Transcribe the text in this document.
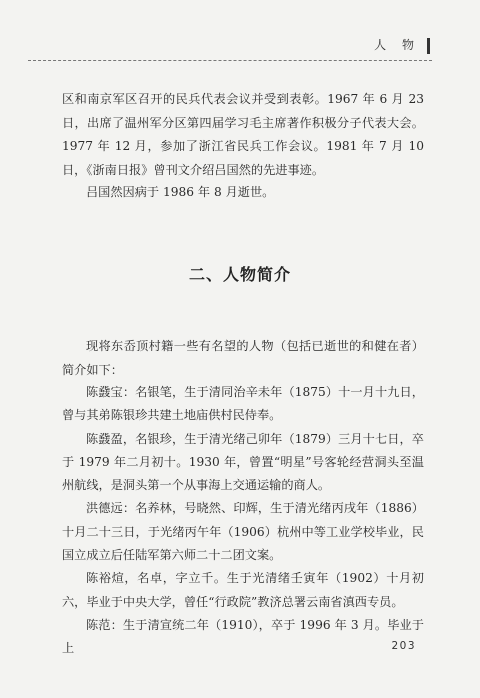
人 物
区和南京军区召开的民兵代表会议并受到表彰。1967 年 6 月 23 日，出席了温州军分区第四届学习毛主席著作积极分子代表大会。1977 年 12 月，参加了浙江省民兵工作会议。1981 年 7 月 10 日，《浙南日报》曾刊文介绍吕国然的先进事迹。
吕国然因病于 1986 年 8 月逝世。
二、人物简介
现将东岙顶村籍一些有名望的人物（包括已逝世的和健在者）简介如下：

陈鼗宝：名银笔，生于清同治辛未年（1875）十一月十九日，曾与其弟陈银珍共建土地庙供村民侍奉。

陈鼗盈，名银珍，生于清光绪己卯年（1879）三月十七日，卒于 1979 年二月初十。1930 年，曾置“明星”号客轮经营洞头至温州航线，是洞头第一个从事海上交通运输的商人。

洪德远：名养林，号晓然、印辉，生于清光绪丙戌年（1886）十月二十三日，于光绪丙午年（1906）杭州中等工业学校毕业，民国立成立后任陆军第六师二十二团文案。

陈裕煊，名卓，字立千。生于光清绪壬寅年（1902）十月初六，毕业于中央大学，曾任“行政院”教济总署云南省滇西专员。

陈范：生于清宣统二年（1910），卒于 1996 年 3 月。毕业于上	203
